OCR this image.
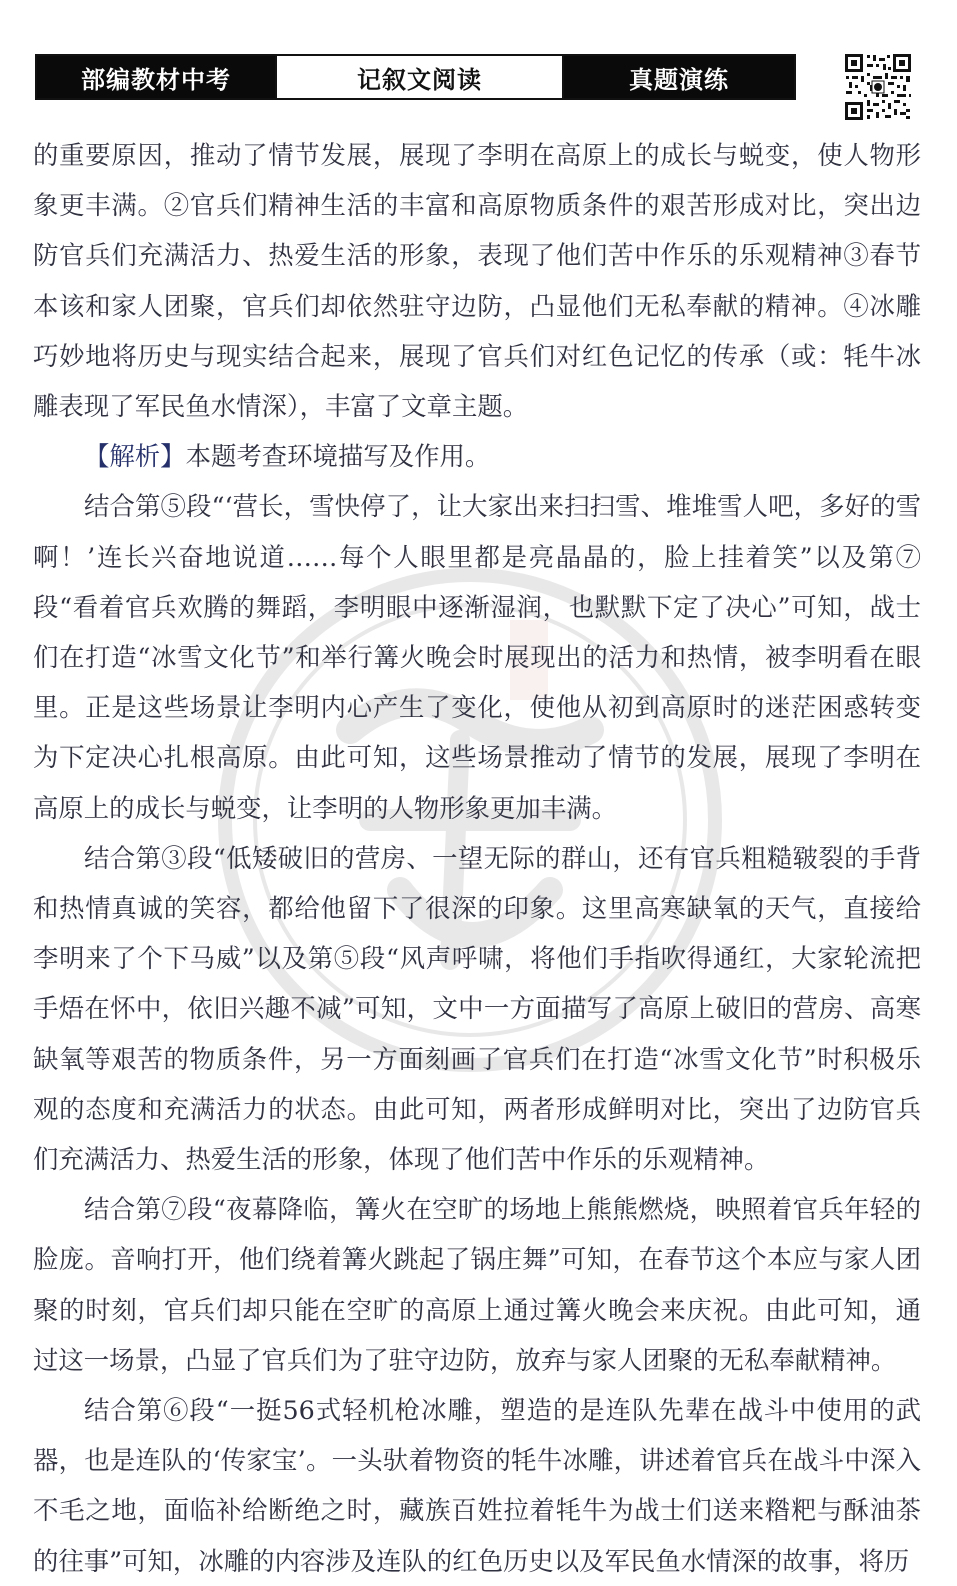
部编教材中考	记叙文阅读	真题演练

的重要原因，推动了情节发展，展现了李明在高原上的成长与蜕变，使人物形象更丰满。②官兵们精神生活的丰富和高原物质条件的艰苦形成对比，突出边防官兵们充满活力、热爱生活的形象，表现了他们苦中作乐的乐观精神③春节本该和家人团聚，官兵们却依然驻守边防，凸显他们无私奉献的精神。④冰雕巧妙地将历史与现实结合起来，展现了官兵们对红色记忆的传承（或：牦牛冰雕表现了军民鱼水情深），丰富了文章主题。

【解析】本题考查环境描写及作用。

结合第⑤段“‘营长，雪快停了，让大家出来扫扫雪、堆堆雪人吧，多好的雪啊！’连长兴奋地说道……每个人眼里都是亮晶晶的，脸上挂着笑”以及第⑦段“看着官兵欢腾的舞蹈，李明眼中逐渐湿润，也默默下定了决心”可知，战士们在打造“冰雪文化节”和举行篝火晚会时展现出的活力和热情，被李明看在眼里。正是这些场景让李明内心产生了变化，使他从初到高原时的迷茫困惑转变为下定决心扎根高原。由此可知，这些场景推动了情节的发展，展现了李明在高原上的成长与蜕变，让李明的人物形象更加丰满。

结合第③段“低矮破旧的营房、一望无际的群山，还有官兵粗糙皲裂的手背和热情真诚的笑容，都给他留下了很深的印象。这里高寒缺氧的天气，直接给李明来了个下马威”以及第⑤段“风声呼啸，将他们手指吹得通红，大家轮流把手焐在怀中，依旧兴趣不减”可知，文中一方面描写了高原上破旧的营房、高寒缺氧等艰苦的物质条件，另一方面刻画了官兵们在打造“冰雪文化节”时积极乐观的态度和充满活力的状态。由此可知，两者形成鲜明对比，突出了边防官兵们充满活力、热爱生活的形象，体现了他们苦中作乐的乐观精神。

结合第⑦段“夜幕降临，篝火在空旷的场地上熊熊燃烧，映照着官兵年轻的脸庞。音响打开，他们绕着篝火跳起了锅庄舞”可知，在春节这个本应与家人团聚的时刻，官兵们却只能在空旷的高原上通过篝火晚会来庆祝。由此可知，通过这一场景，凸显了官兵们为了驻守边防，放弃与家人团聚的无私奉献精神。

结合第⑥段“一挺56式轻机枪冰雕，塑造的是连队先辈在战斗中使用的武器，也是连队的‘传家宝’。一头驮着物资的牦牛冰雕，讲述着官兵在战斗中深入不毛之地，面临补给断绝之时，藏族百姓拉着牦牛为战士们送来糌粑与酥油茶的往事”可知，冰雕的内容涉及连队的红色历史以及军民鱼水情深的故事，将历
